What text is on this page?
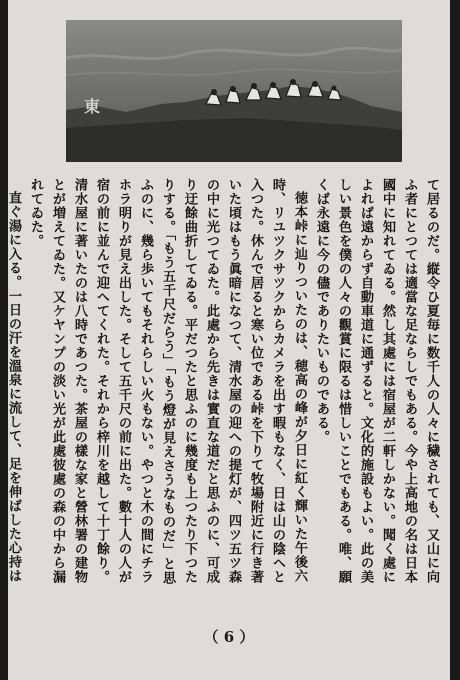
東

て居るのだ。縦令ひ夏毎に数千人の人々に穢されても、又山に向ふ者にとつては適當な足ならしでもある。今や上高地の名は日本國中に知れてゐる。然し其處には宿屋が二軒しかない。聞く處によれば遠からず自動車道に通ずると。文化的施設もよい。此の美しい景色を僕の人々の觀賞に限るは惜しいことでもある。唯、願くば永遠に今の儘でありたいものである。

徳本峠に辿りついたのは、穂高の峰が夕日に紅く輝いた午後六時、リユツクサツクからカメラを出す暇もなく、日は山の陰へと入つた。休んで居ると寒い位である峠を下りて牧場附近に行き著いた頃はもう眞暗になつて、清水屋の迎への提灯が、四ツ五ツ森の中に光つてゐた。此處から先きは實直な道だと思ふのに、可成り迂餘曲折してゐる。平だつたと思ふのに幾度も上つたり下つたりする。「もう五千尺だらう」「もう燈が見えさうなものだ」と思ふのに、幾ら歩いてもそれらしい火もない。やつと木の間にチラホラ明りが見え出した。そして五千尺の前に出た。數十人の人が宿の前に並んで迎へてくれた。それから梓川を越して十丁餘り。清水屋に著いたのは八時であつた。茶屋の樣な家と營林署の建物とが増えてゐた。又ケヤンプの淡い光が此處彼處の森の中から漏れてゐた。

直ぐ湯に入る。一日の汗を溫泉に流して、足を伸ばした心持は

（ 6 ）
